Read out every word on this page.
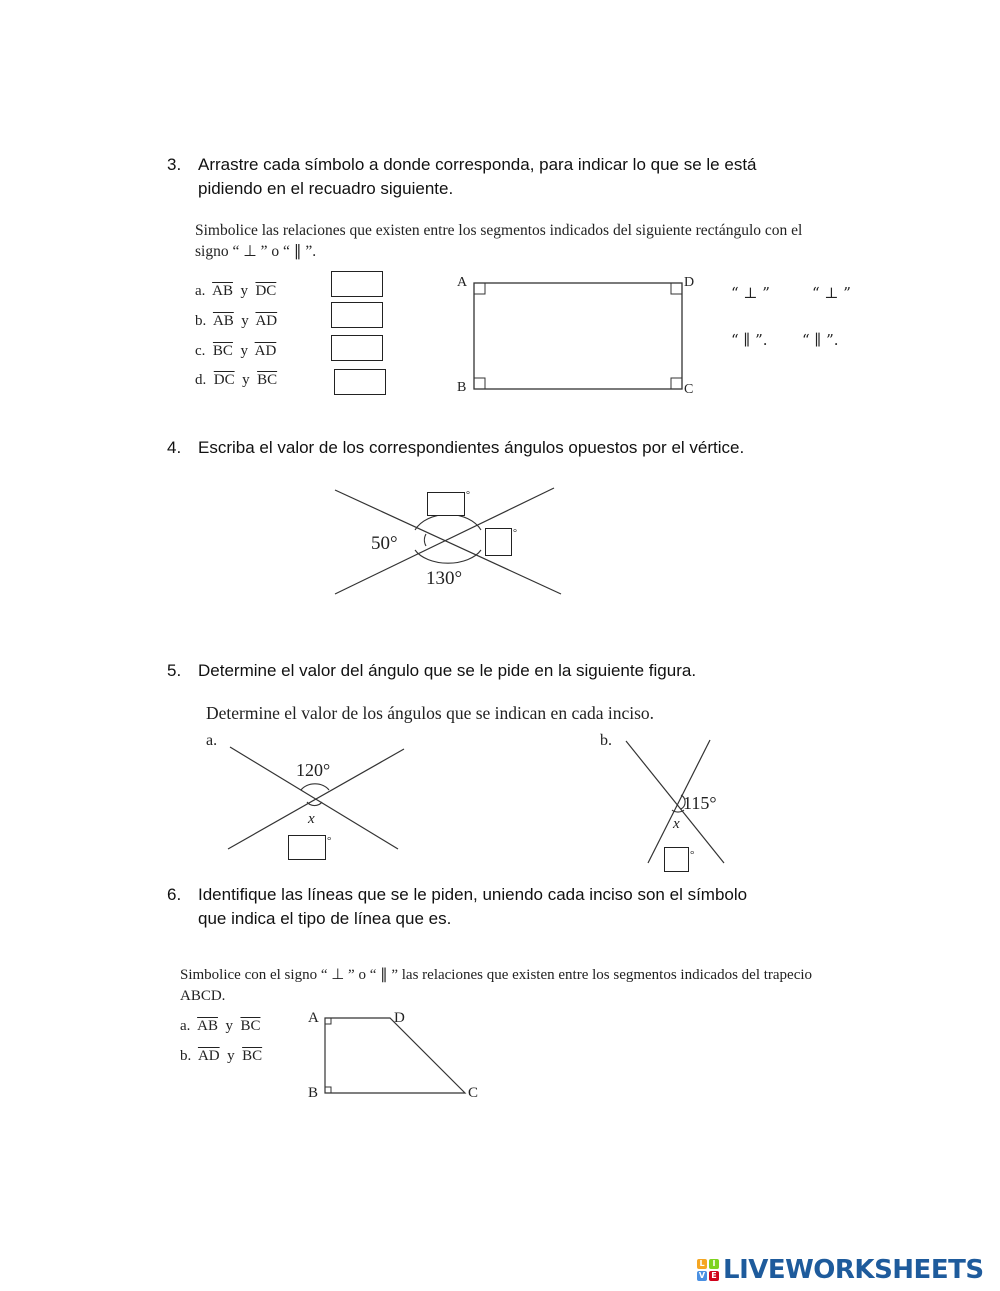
3. Arrastre cada símbolo a donde corresponda, para indicar lo que se le está
pidiendo en el recuadro siguiente.
Simbolice las relaciones que existen entre los segmentos indicados del siguiente rectángulo con el
signo “ ⊥ ” o “ ∥ ”.
a. $\overline{AB}$ y $\overline{DC}$
b. $\overline{AB}$ y $\overline{AD}$
c. $\overline{BC}$ y $\overline{AD}$
d. $\overline{DC}$ y $\overline{BC}$
A	D
B	C
“ ⊥ ”	“ ⊥ ”
“ ∥ ”. “ ∥ ”.
4. Escriba el valor de los correspondientes ángulos opuestos por el vértice.
50°
130°
°
°
5. Determine el valor del ángulo que se le pide en la siguiente figura.
Determine el valor de los ángulos que se indican en cada inciso.
a.
120°
x
°
b.
115°
x
°
6. Identifique las líneas que se le piden, uniendo cada inciso son el símbolo
que indica el tipo de línea que es.
Simbolice con el signo “ ⊥ ” o “ ∥ ” las relaciones que existen entre los segmentos indicados del trapecio
ABCD.
a. $\overline{AB}$ y $\overline{BC}$
b. $\overline{AD}$ y $\overline{BC}$
A	D
B	C
L I
V E LIVEWORKSHEETS
